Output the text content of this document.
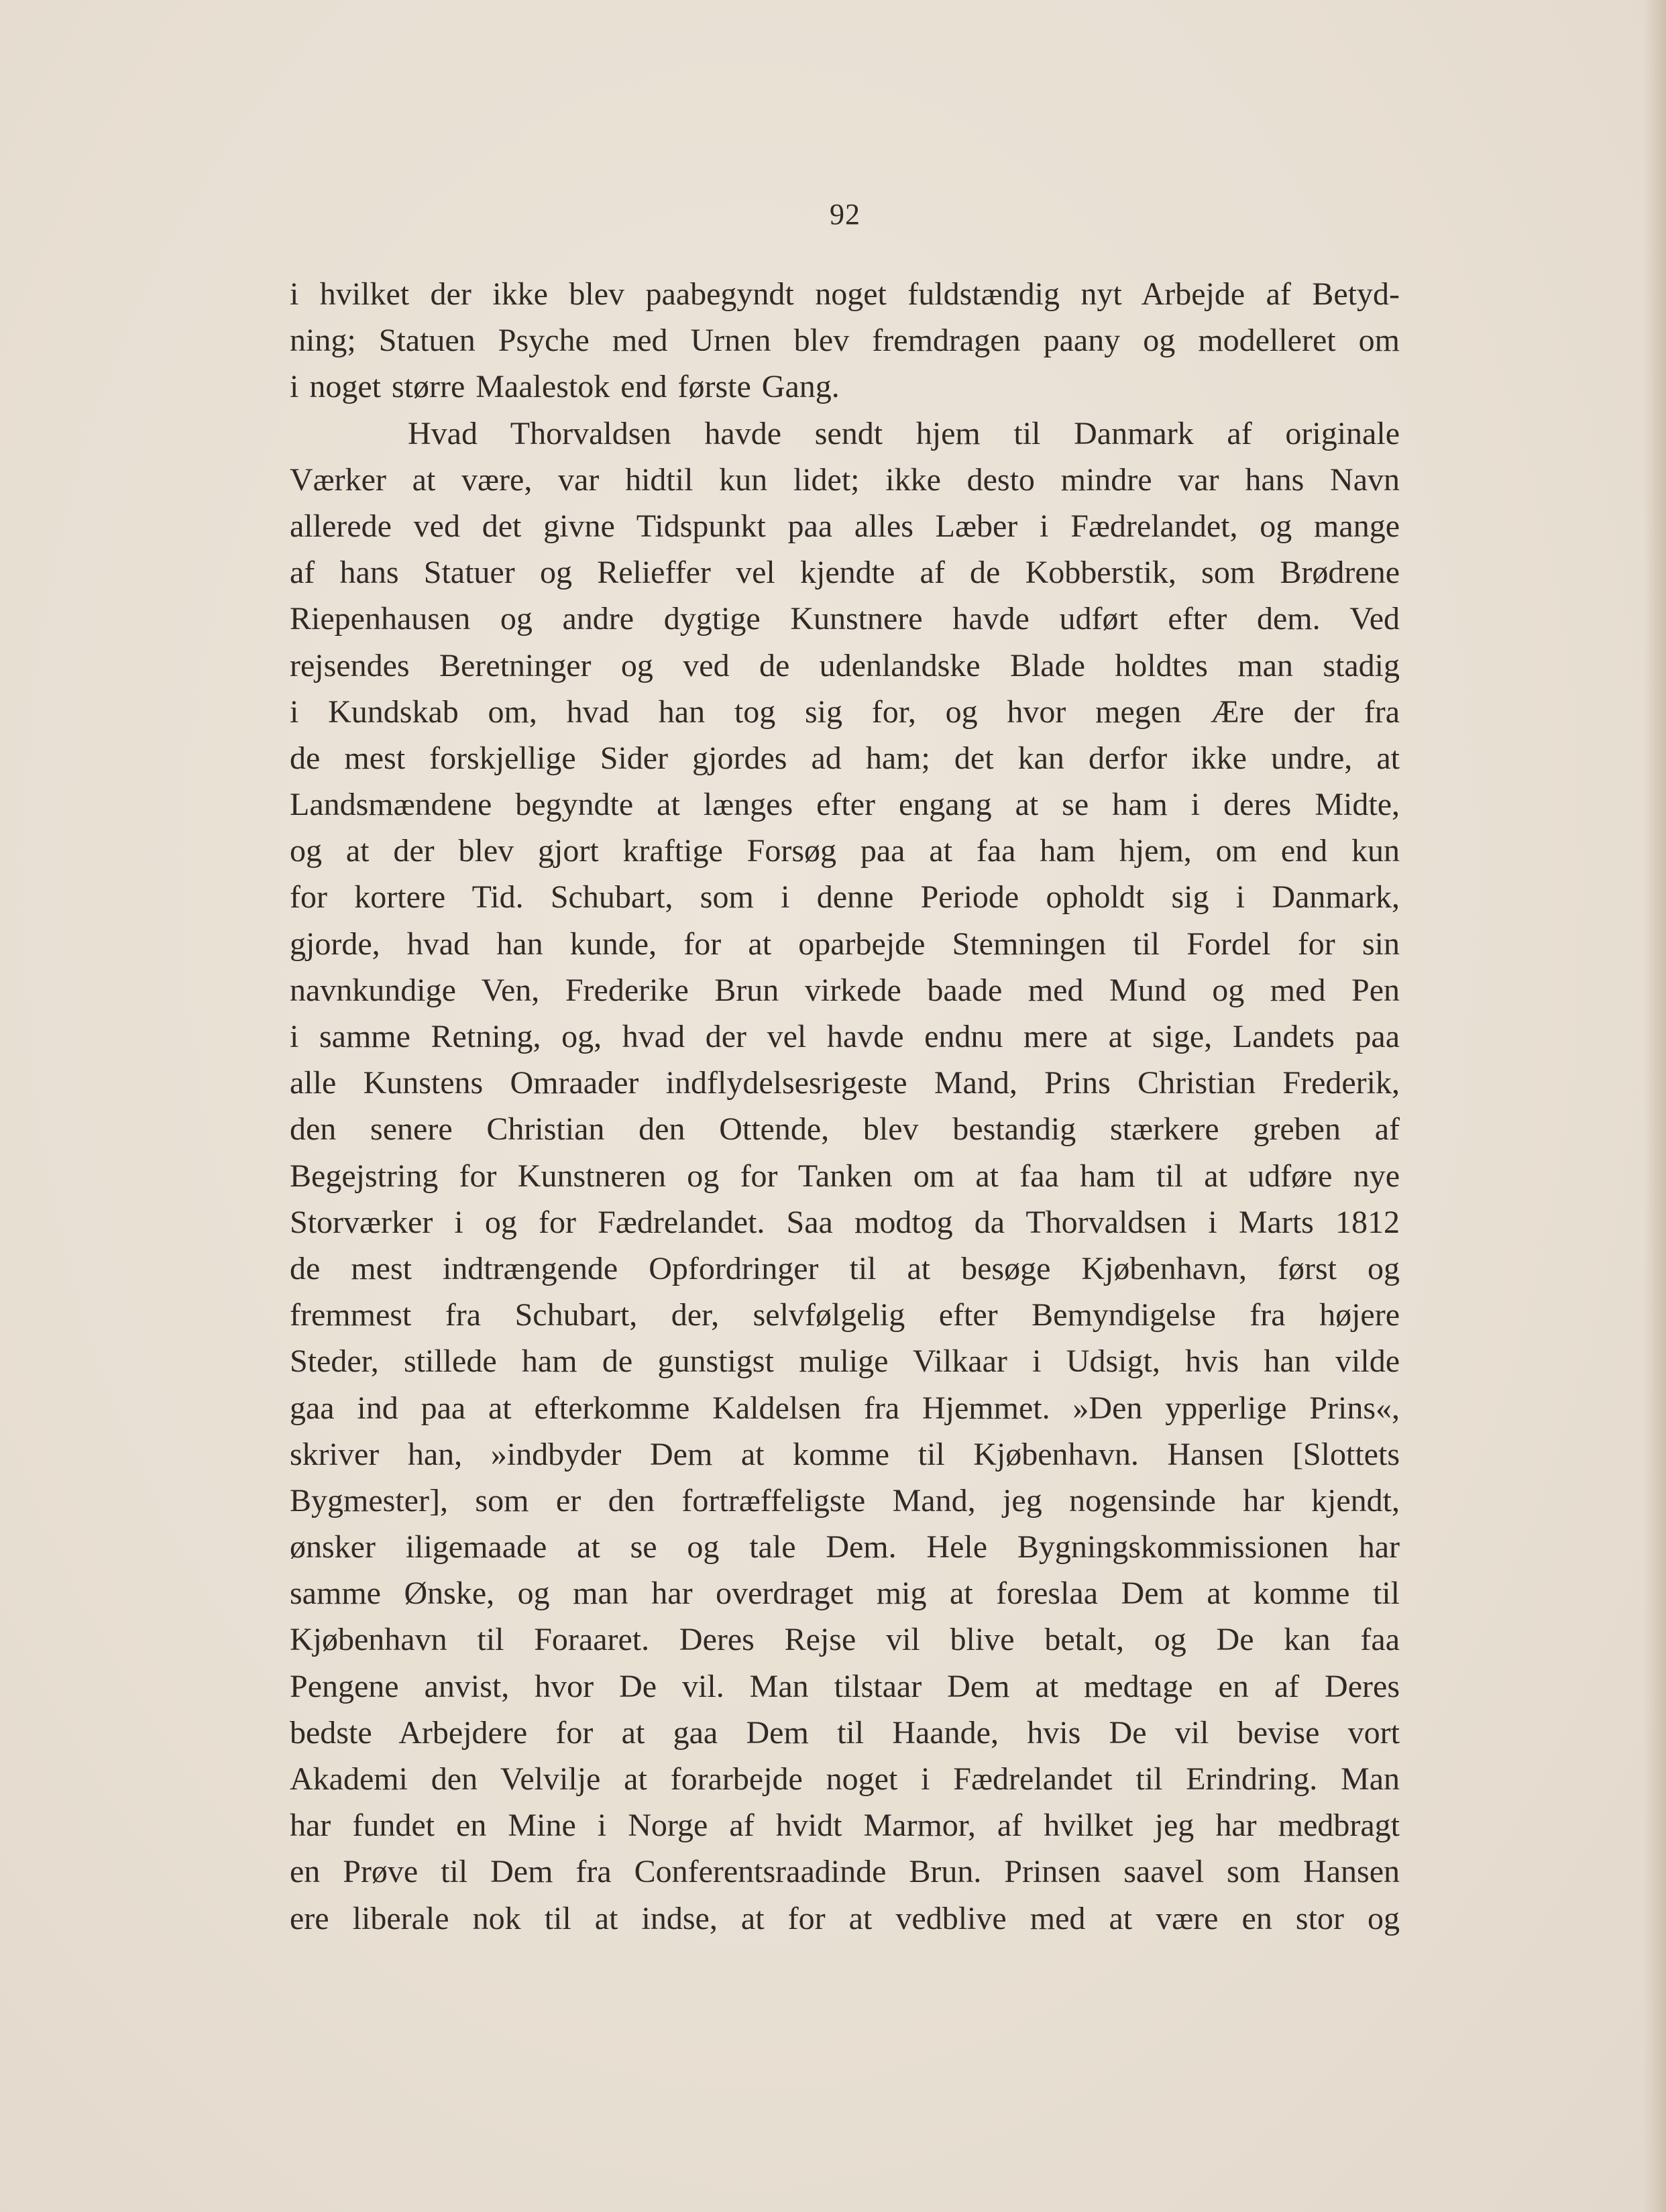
92
i hvilket der ikke blev paabegyndt noget fuldstændig nyt Arbejde af Betyd-
ning; Statuen Psyche med Urnen blev fremdragen paany og modelleret om
i noget større Maalestok end første Gang.
Hvad Thorvaldsen havde sendt hjem til Danmark af originale
Værker at være, var hidtil kun lidet; ikke desto mindre var hans Navn
allerede ved det givne Tidspunkt paa alles Læber i Fædrelandet, og mange
af hans Statuer og Relieffer vel kjendte af de Kobberstik, som Brødrene
Riepenhausen og andre dygtige Kunstnere havde udført efter dem. Ved
rejsendes Beretninger og ved de udenlandske Blade holdtes man stadig
i Kundskab om, hvad han tog sig for, og hvor megen Ære der fra
de mest forskjellige Sider gjordes ad ham; det kan derfor ikke undre, at
Landsmændene begyndte at længes efter engang at se ham i deres Midte,
og at der blev gjort kraftige Forsøg paa at faa ham hjem, om end kun
for kortere Tid. Schubart, som i denne Periode opholdt sig i Danmark,
gjorde, hvad han kunde, for at oparbejde Stemningen til Fordel for sin
navnkundige Ven, Frederike Brun virkede baade med Mund og med Pen
i samme Retning, og, hvad der vel havde endnu mere at sige, Landets paa
alle Kunstens Omraader indflydelsesrigeste Mand, Prins Christian Frederik,
den senere Christian den Ottende, blev bestandig stærkere greben af
Begejstring for Kunstneren og for Tanken om at faa ham til at udføre nye
Storværker i og for Fædrelandet. Saa modtog da Thorvaldsen i Marts 1812
de mest indtrængende Opfordringer til at besøge Kjøbenhavn, først og
fremmest fra Schubart, der, selvfølgelig efter Bemyndigelse fra højere
Steder, stillede ham de gunstigst mulige Vilkaar i Udsigt, hvis han vilde
gaa ind paa at efterkomme Kaldelsen fra Hjemmet. »Den ypperlige Prins«,
skriver han, »indbyder Dem at komme til Kjøbenhavn. Hansen [Slottets
Bygmester], som er den fortræffeligste Mand, jeg nogensinde har kjendt,
ønsker iligemaade at se og tale Dem. Hele Bygningskommissionen har
samme Ønske, og man har overdraget mig at foreslaa Dem at komme til
Kjøbenhavn til Foraaret. Deres Rejse vil blive betalt, og De kan faa
Pengene anvist, hvor De vil. Man tilstaar Dem at medtage en af Deres
bedste Arbejdere for at gaa Dem til Haande, hvis De vil bevise vort
Akademi den Velvilje at forarbejde noget i Fædrelandet til Erindring. Man
har fundet en Mine i Norge af hvidt Marmor, af hvilket jeg har medbragt
en Prøve til Dem fra Conferentsraadinde Brun. Prinsen saavel som Hansen
ere liberale nok til at indse, at for at vedblive med at være en stor og
